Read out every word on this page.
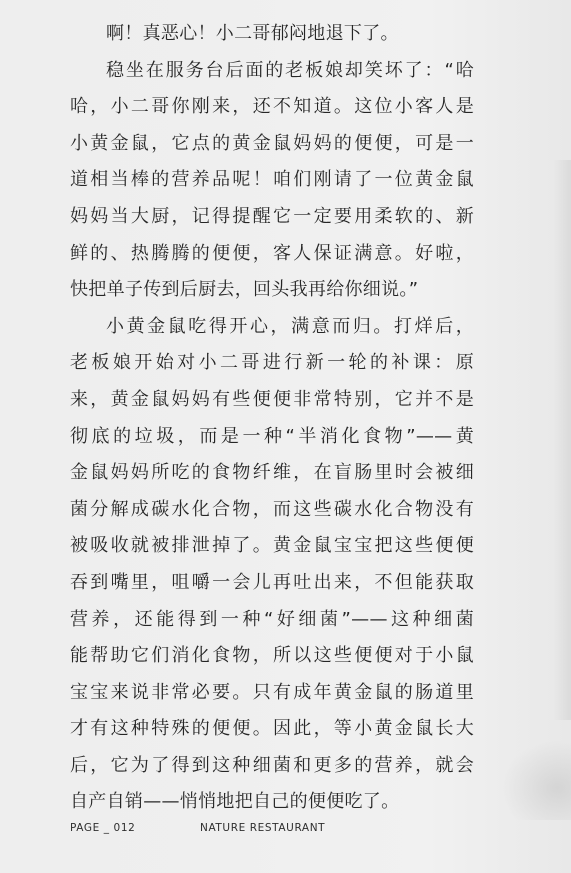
啊！真恶心！小二哥郁闷地退下了。

稳坐在服务台后面的老板娘却笑坏了：“哈
哈，小二哥你刚来，还不知道。这位小客人是
小黄金鼠，它点的黄金鼠妈妈的便便，可是一
道相当棒的营养品呢！咱们刚请了一位黄金鼠
妈妈当大厨，记得提醒它一定要用柔软的、新
鲜的、热腾腾的便便，客人保证满意。好啦，
快把单子传到后厨去，回头我再给你细说。”

小黄金鼠吃得开心，满意而归。打烊后，
老板娘开始对小二哥进行新一轮的补课：原
来，黄金鼠妈妈有些便便非常特别，它并不是
彻底的垃圾，而是一种“半消化食物”——黄
金鼠妈妈所吃的食物纤维，在盲肠里时会被细
菌分解成碳水化合物，而这些碳水化合物没有
被吸收就被排泄掉了。黄金鼠宝宝把这些便便
吞到嘴里，咀嚼一会儿再吐出来，不但能获取
营养，还能得到一种“好细菌”——这种细菌
能帮助它们消化食物，所以这些便便对于小鼠
宝宝来说非常必要。只有成年黄金鼠的肠道里
才有这种特殊的便便。因此，等小黄金鼠长大
后，它为了得到这种细菌和更多的营养，就会
自产自销——悄悄地把自己的便便吃了。

PAGE _ 012	NATURE RESTAURANT
